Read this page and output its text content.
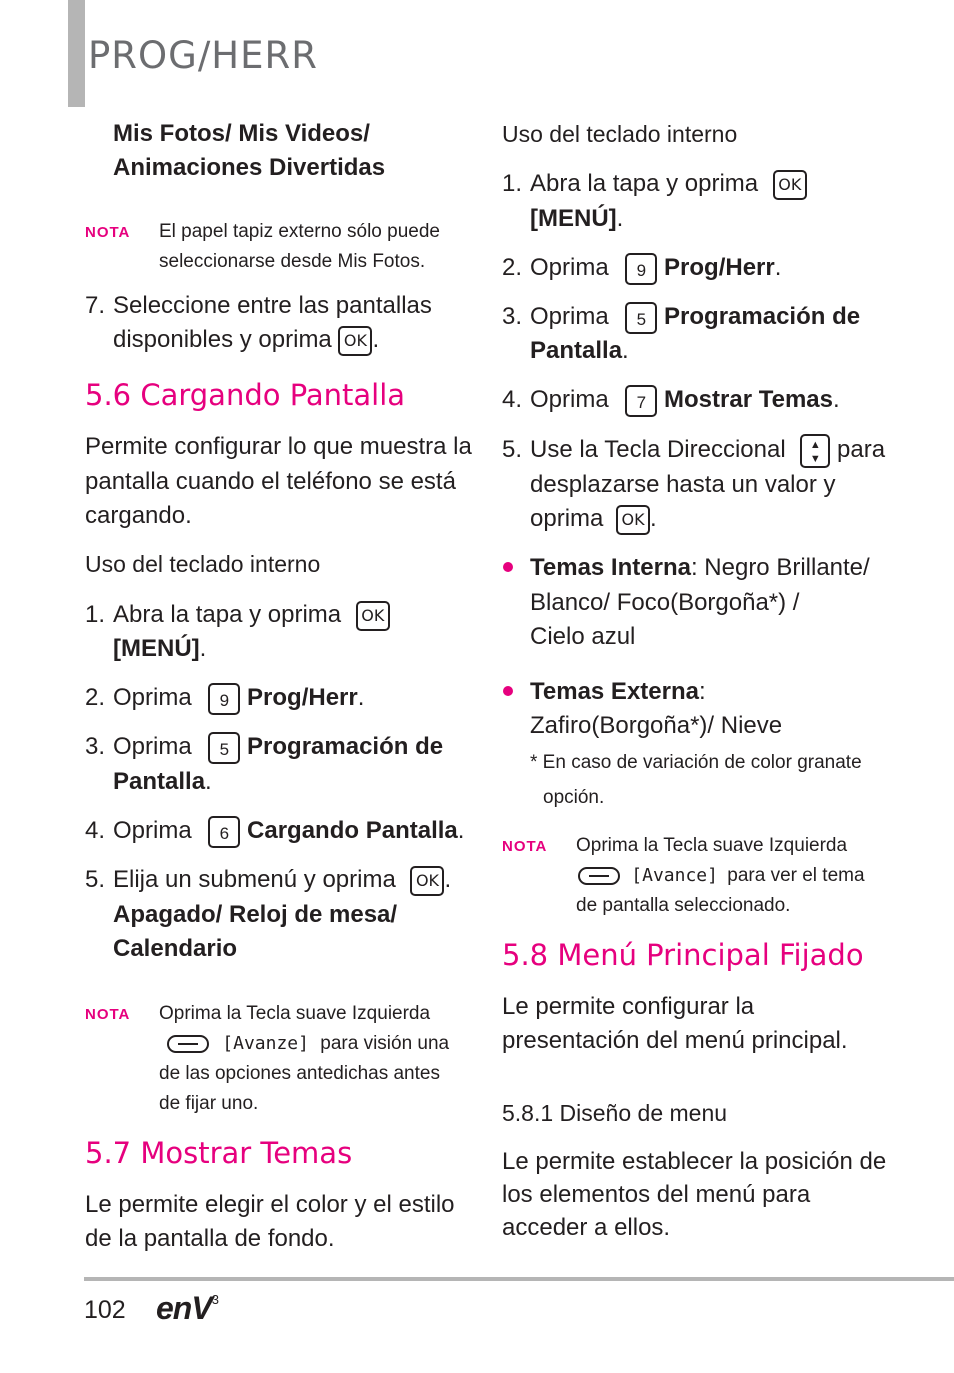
PROG/HERR
Mis Fotos/ Mis Videos/
Animaciones Divertidas
NOTA El papel tapiz externo sólo puede
seleccionarse desde Mis Fotos.
7. Seleccione entre las pantallas
disponibles y oprima OK .
5.6 Cargando Pantalla
Permite configurar lo que muestra la
pantalla cuando el teléfono se está
cargando.
Uso del teclado interno
1. Abra la tapa y oprima OK
[MENÚ].
2. Oprima 9 Prog/Herr.
3. Oprima 5 Programación de
Pantalla.
4. Oprima 6 Cargando Pantalla.
5. Elija un submenú y oprima OK .
Apagado/ Reloj de mesa/
Calendario
NOTA Oprima la Tecla suave Izquierda
[Avanze] para visión una
de las opciones antedichas antes
de fijar uno.
5.7 Mostrar Temas
Le permite elegir el color y el estilo
de la pantalla de fondo.
Uso del teclado interno
1. Abra la tapa y oprima OK
[MENÚ].
2. Oprima 9 Prog/Herr.
3. Oprima 5 Programación de
Pantalla.
4. Oprima 7 Mostrar Temas.
5. Use la Tecla Direccional ▲
▼ para
desplazarse hasta un valor y
oprima OK .
Temas Interna: Negro Brillante/
Blanco/ Foco(Borgoña*) /
Cielo azul
Temas Externa:
Zafiro(Borgoña*)/ Nieve
* En caso de variación de color granate
opción.
NOTA Oprima la Tecla suave Izquierda
[Avance] para ver el tema
de pantalla seleccionado.
5.8 Menú Principal Fijado
Le permite configurar la
presentación del menú principal.
5.8.1 Diseño de menu
Le permite establecer la posición de
los elementos del menú para
acceder a ellos.
102 enV$^3$
